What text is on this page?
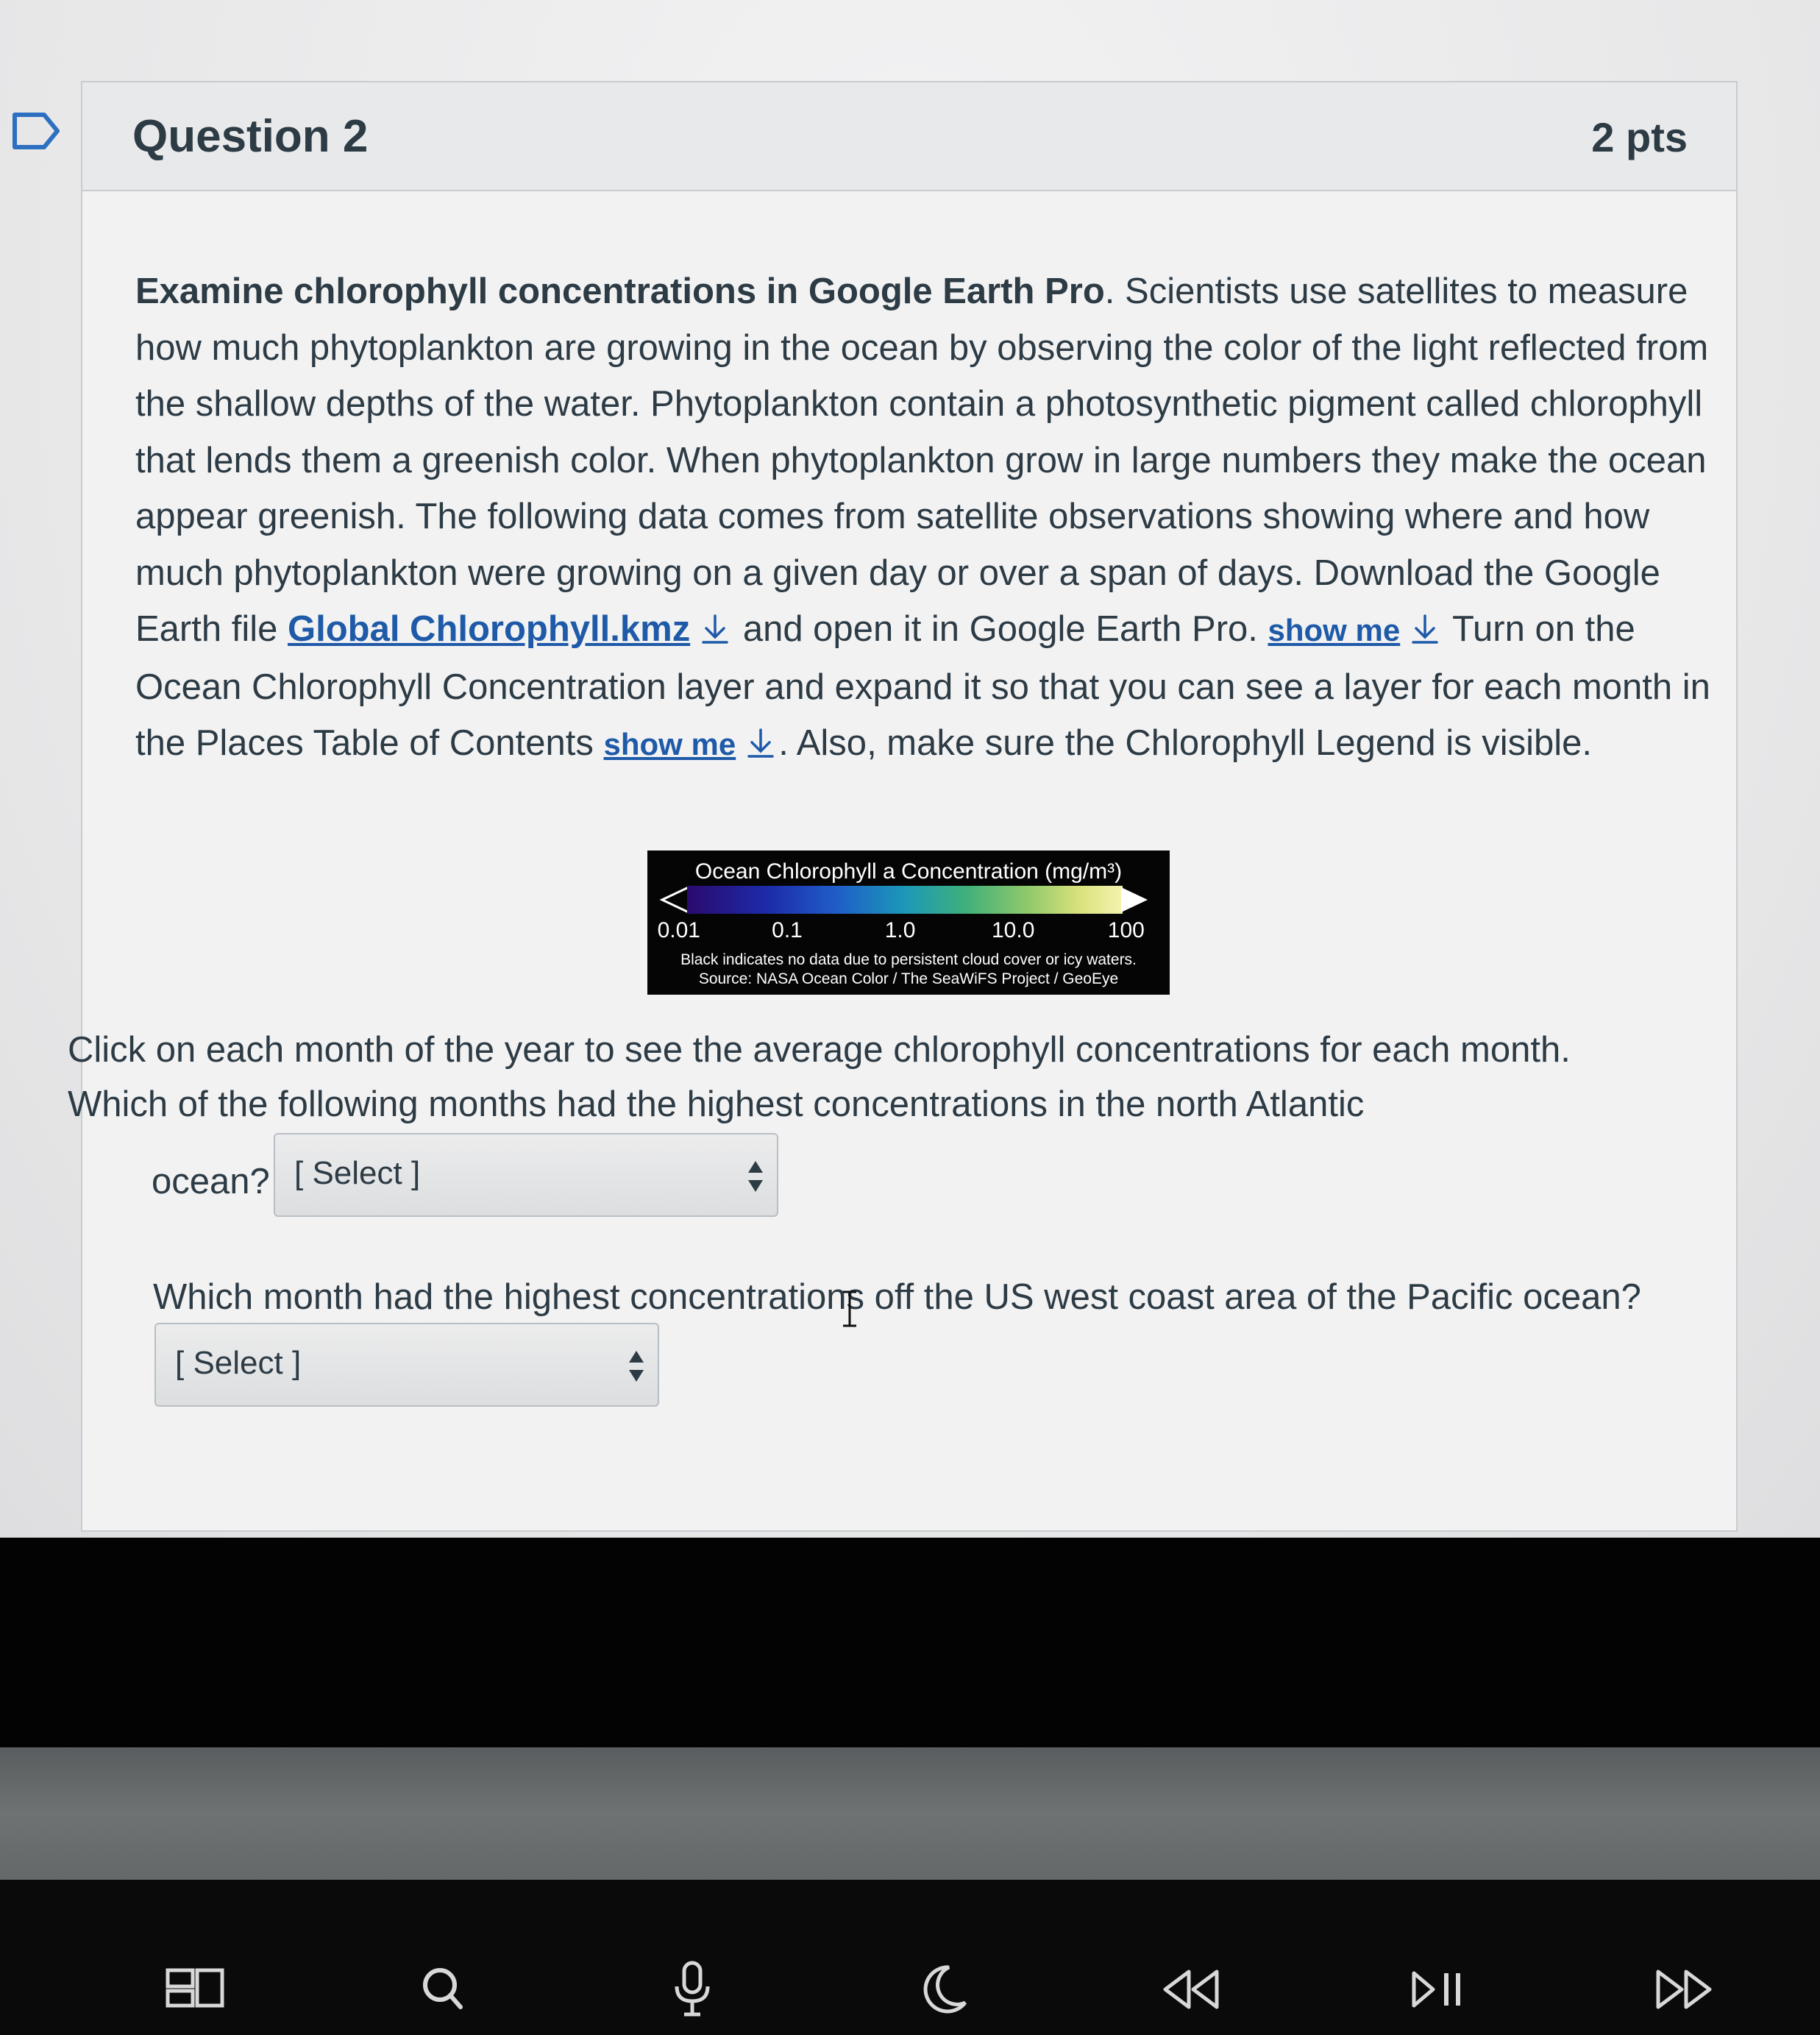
Question 2	2 pts
Examine chlorophyll concentrations in Google Earth Pro. Scientists use satellites to measure how much phytoplankton are growing in the ocean by observing the color of the light reflected from the shallow depths of the water. Phytoplankton contain a photosynthetic pigment called chlorophyll that lends them a greenish color. When phytoplankton grow in large numbers they make the ocean appear greenish. The following data comes from satellite observations showing where and how much phytoplankton were growing on a given day or over a span of days. Download the Google Earth file Global Chlorophyll.kmz and open it in Google Earth Pro. show me Turn on the Ocean Chlorophyll Concentration layer and expand it so that you can see a layer for each month in the Places Table of Contents show me . Also, make sure the Chlorophyll Legend is visible.
Ocean Chlorophyll a Concentration (mg/m³)
0.01	0.1	1.0	10.0	100
Black indicates no data due to persistent cloud cover or icy waters.
Source: NASA Ocean Color / The SeaWiFS Project / GeoEye
Click on each month of the year to see the average chlorophyll concentrations for each month. Which of the following months had the highest concentrations in the north Atlantic
ocean? [ Select ]
Which month had the highest concentrations off the US west coast area of the Pacific ocean?
[ Select ]
